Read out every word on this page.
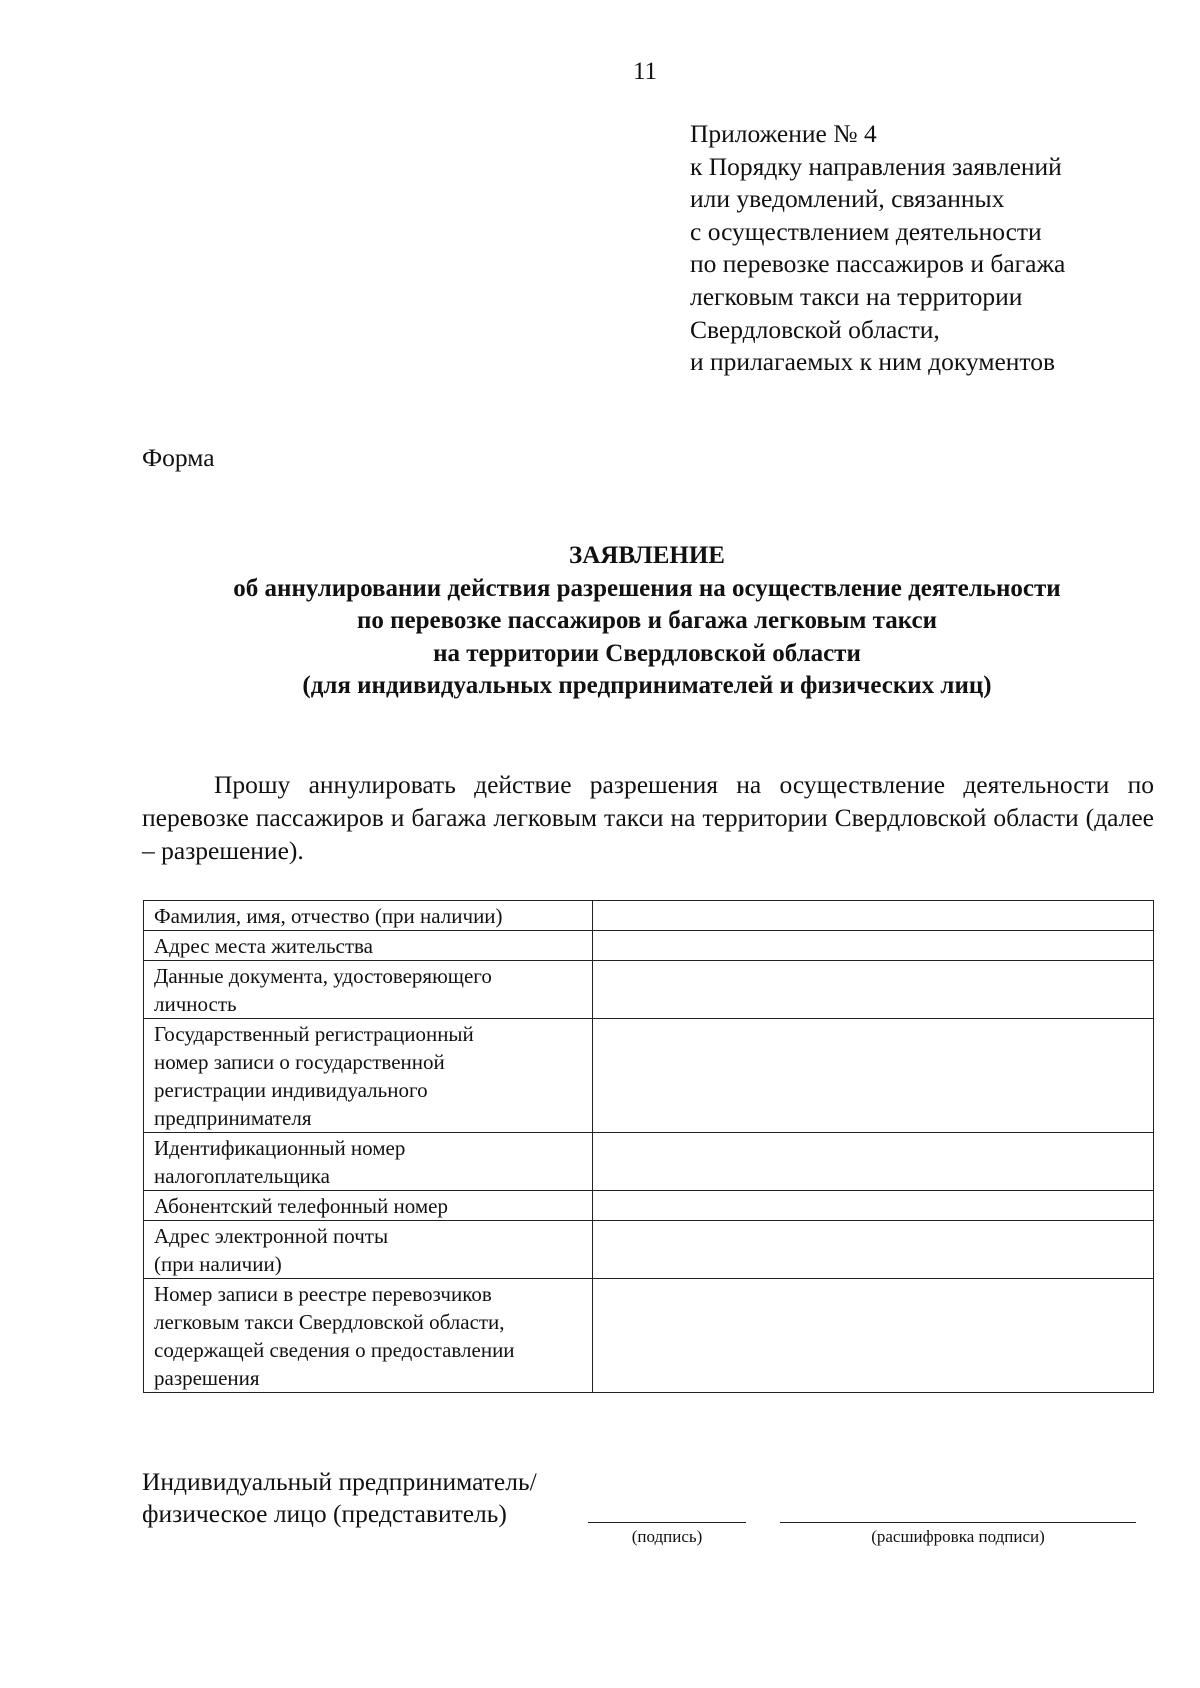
11
Приложение № 4
к Порядку направления заявлений
или уведомлений, связанных
с осуществлением деятельности
по перевозке пассажиров и багажа
легковым такси на территории
Свердловской области,
и прилагаемых к ним документов
Форма
ЗАЯВЛЕНИЕ
об аннулировании действия разрешения на осуществление деятельности
по перевозке пассажиров и багажа легковым такси
на территории Свердловской области
(для индивидуальных предпринимателей и физических лиц)
Прошу аннулировать действие разрешения на осуществление деятельности по перевозке пассажиров и багажа легковым такси на территории Свердловской области (далее – разрешение).
Фамилия, имя, отчество (при наличии)	

Адрес места жительства	

Данные документа, удостоверяющего
личность	

Государственный регистрационный
номер записи о государственной
регистрации индивидуального
предпринимателя	

Идентификационный номер
налогоплательщика	

Абонентский телефонный номер	

Адрес электронной почты
(при наличии)	

Номер записи в реестре перевозчиков
легковым такси Свердловской области,
содержащей сведения о предоставлении
разрешения	

Индивидуальный предприниматель/
физическое лицо (представитель)
(подпись)	(расшифровка подписи)
